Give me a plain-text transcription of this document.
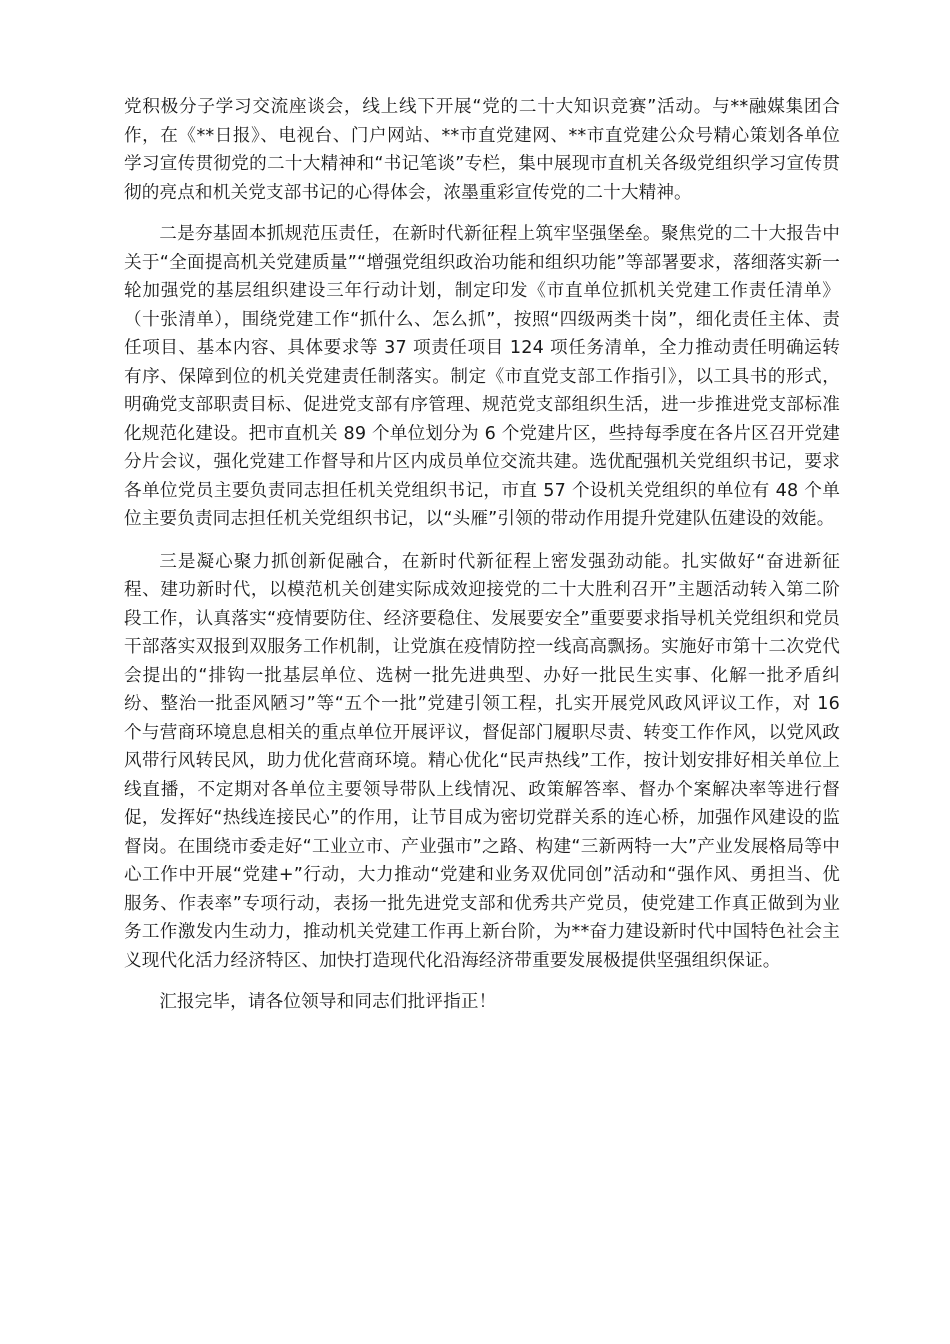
党积极分子学习交流座谈会，线上线下开展“党的二十大知识竞赛”活动。与**融媒集团合作，在《**日报》、电视台、门户网站、**市直党建网、**市直党建公众号精心策划各单位学习宣传贯彻党的二十大精神和“书记笔谈”专栏，集中展现市直机关各级党组织学习宣传贯彻的亮点和机关党支部书记的心得体会，浓墨重彩宣传党的二十大精神。

二是夯基固本抓规范压责任，在新时代新征程上筑牢坚强堡垒。聚焦党的二十大报告中关于“全面提高机关党建质量”“增强党组织政治功能和组织功能”等部署要求，落细落实新一轮加强党的基层组织建设三年行动计划，制定印发《市直单位抓机关党建工作责任清单》（十张清单），围绕党建工作“抓什么、怎么抓”，按照“四级两类十岗”，细化责任主体、责任项目、基本内容、具体要求等 37 项责任项目 124 项任务清单，全力推动责任明确运转有序、保障到位的机关党建责任制落实。制定《市直党支部工作指引》，以工具书的形式，明确党支部职责目标、促进党支部有序管理、规范党支部组织生活，进一步推进党支部标准化规范化建设。把市直机关 89 个单位划分为 6 个党建片区，些持每季度在各片区召开党建分片会议，强化党建工作督导和片区内成员单位交流共建。选优配强机关党组织书记，要求各单位党员主要负责同志担任机关党组织书记，市直 57 个设机关党组织的单位有 48 个单位主要负责同志担任机关党组织书记，以“头雁”引领的带动作用提升党建队伍建设的效能。

三是凝心聚力抓创新促融合，在新时代新征程上密发强劲动能。扎实做好“奋进新征程、建功新时代，以模范机关创建实际成效迎接党的二十大胜利召开”主题活动转入第二阶段工作，认真落实“疫情要防住、经济要稳住、发展要安全”重要要求指导机关党组织和党员干部落实双报到双服务工作机制，让党旗在疫情防控一线高高飘扬。实施好市第十二次党代会提出的“排钩一批基层单位、选树一批先进典型、办好一批民生实事、化解一批矛盾纠纷、整治一批歪风陋习”等“五个一批”党建引领工程，扎实开展党风政风评议工作，对 16 个与营商环境息息相关的重点单位开展评议，督促部门履职尽责、转变工作作风，以党风政风带行风转民风，助力优化营商环境。精心优化“民声热线”工作，按计划安排好相关单位上线直播，不定期对各单位主要领导带队上线情况、政策解答率、督办个案解决率等进行督促，发挥好“热线连接民心”的作用，让节目成为密切党群关系的连心桥，加强作风建设的监督岗。在围绕市委走好“工业立市、产业强市”之路、构建“三新两特一大”产业发展格局等中心工作中开展“党建+”行动，大力推动“党建和业务双优同创”活动和“强作风、勇担当、优服务、作表率”专项行动，表扬一批先进党支部和优秀共产党员，使党建工作真正做到为业务工作激发内生动力，推动机关党建工作再上新台阶，为**奋力建设新时代中国特色社会主义现代化活力经济特区、加快打造现代化沿海经济带重要发展极提供坚强组织保证。

汇报完毕，请各位领导和同志们批评指正！
